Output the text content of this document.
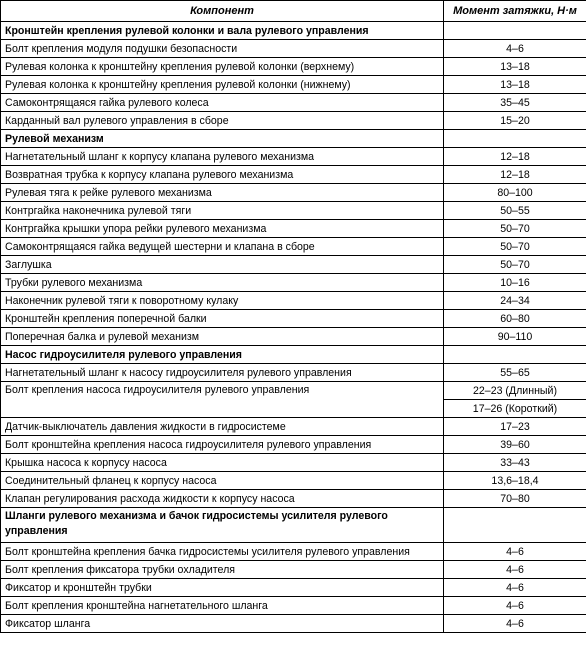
Компонент	Момент затяжки, Н·м
Кронштейн крепления рулевой колонки и вала рулевого управления	
Болт крепления модуля подушки безопасности	4–6
Рулевая колонка к кронштейну крепления рулевой колонки (верхнему)	13–18
Рулевая колонка к кронштейну крепления рулевой колонки (нижнему)	13–18
Самоконтрящаяся гайка рулевого колеса	35–45
Карданный вал рулевого управления в сборе	15–20
Рулевой механизм	
Нагнетательный шланг к корпусу клапана рулевого механизма	12–18
Возвратная трубка к корпусу клапана рулевого механизма	12–18
Рулевая тяга к рейке рулевого механизма	80–100
Контргайка наконечника рулевой тяги	50–55
Контргайка крышки упора рейки рулевого механизма	50–70
Самоконтрящаяся гайка ведущей шестерни и клапана в сборе	50–70
Заглушка	50–70
Трубки рулевого механизма	10–16
Наконечник рулевой тяги к поворотному кулаку	24–34
Кронштейн крепления поперечной балки	60–80
Поперечная балка и рулевой механизм	90–110
Насос гидроусилителя рулевого управления	
Нагнетательный шланг к насосу гидроусилителя рулевого управления	55–65
Болт крепления насоса гидроусилителя рулевого управления	22–23 (Длинный)
	17–26 (Короткий)
Датчик-выключатель давления жидкости в гидросистеме	17–23
Болт кронштейна крепления насоса гидроусилителя рулевого управления	39–60
Крышка насоса к корпусу насоса	33–43
Соединительный фланец к корпусу насоса	13,6–18,4
Клапан регулирования расхода жидкости к корпусу насоса	70–80
Шланги рулевого механизма и бачок гидросистемы усилителя рулевого управления	
Болт кронштейна крепления бачка гидросистемы усилителя рулевого управления	4–6
Болт крепления фиксатора трубки охладителя	4–6
Фиксатор и кронштейн трубки	4–6
Болт крепления кронштейна нагнетательного шланга	4–6
Фиксатор шланга	4–6
